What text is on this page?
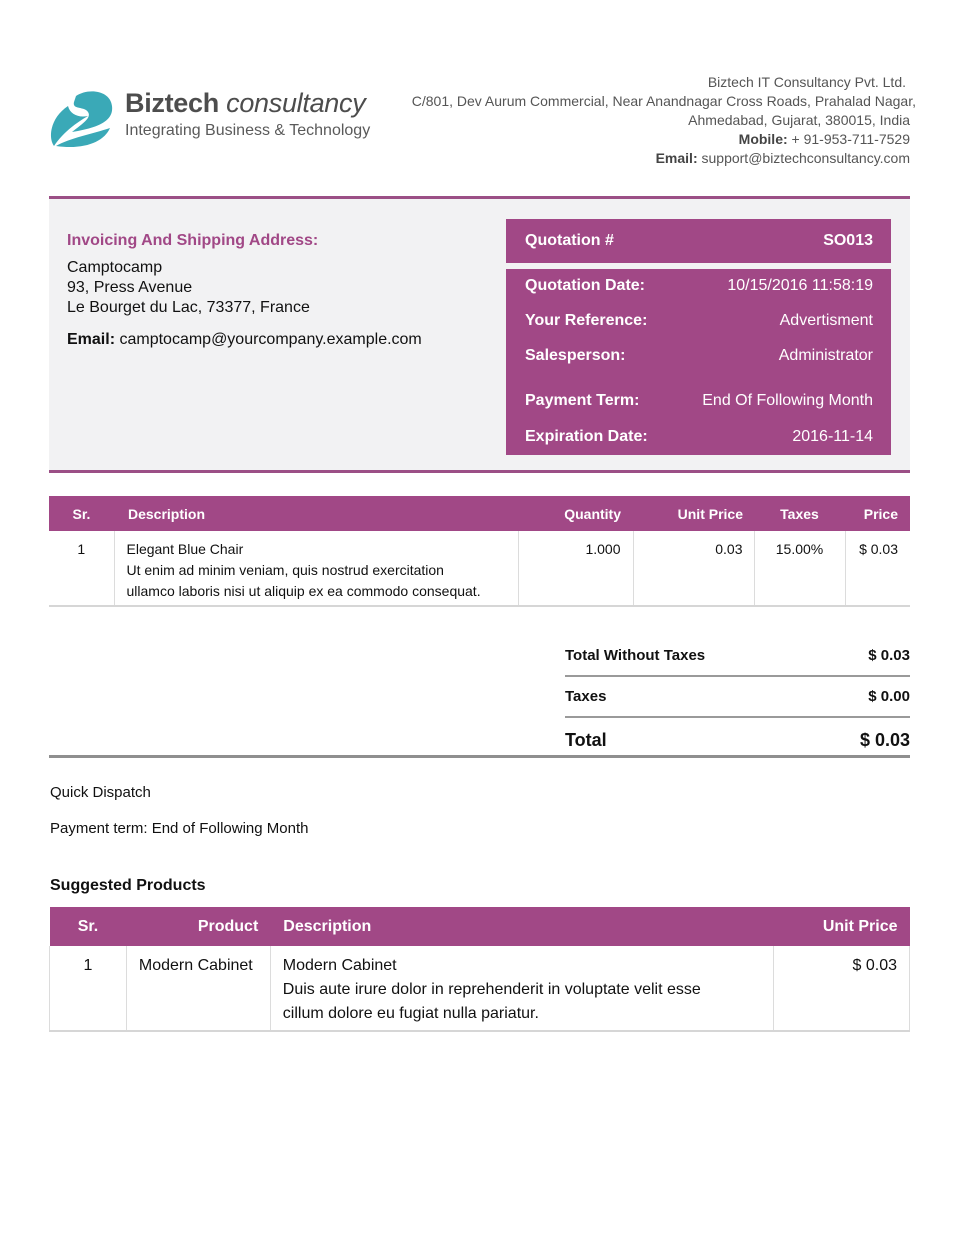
Biztech consultancy
Integrating Business & Technology
Biztech IT Consultancy Pvt. Ltd.
C/801, Dev Aurum Commercial, Near Anandnagar Cross Roads, Prahalad Nagar,
Ahmedabad, Gujarat, 380015, India
Mobile: + 91-953-711-7529
Email: support@biztechconsultancy.com
Invoicing And Shipping Address:
Camptocamp
93, Press Avenue
Le Bourget du Lac, 73377, France
Email: camptocamp@yourcompany.example.com
Quotation #	SO013
Quotation Date:	10/15/2016 11:58:19
Your Reference:	Advertisment
Salesperson:	Administrator
Payment Term:	End Of Following Month
Expiration Date:	2016-11-14
Sr.	Description	Quantity	Unit Price	Taxes	Price
1	Elegant Blue Chair
Ut enim ad minim veniam, quis nostrud exercitation
ullamco laboris nisi ut aliquip ex ea commodo consequat.	1.000	0.03	15.00%	$ 0.03
Total Without Taxes	$ 0.03
Taxes	$ 0.00
Total	$ 0.03
Quick Dispatch
Payment term: End of Following Month
Suggested Products
Sr.	Product	Description	Unit Price
1	Modern Cabinet	Modern Cabinet
Duis aute irure dolor in reprehenderit in voluptate velit esse
cillum dolore eu fugiat nulla pariatur.	$ 0.03
